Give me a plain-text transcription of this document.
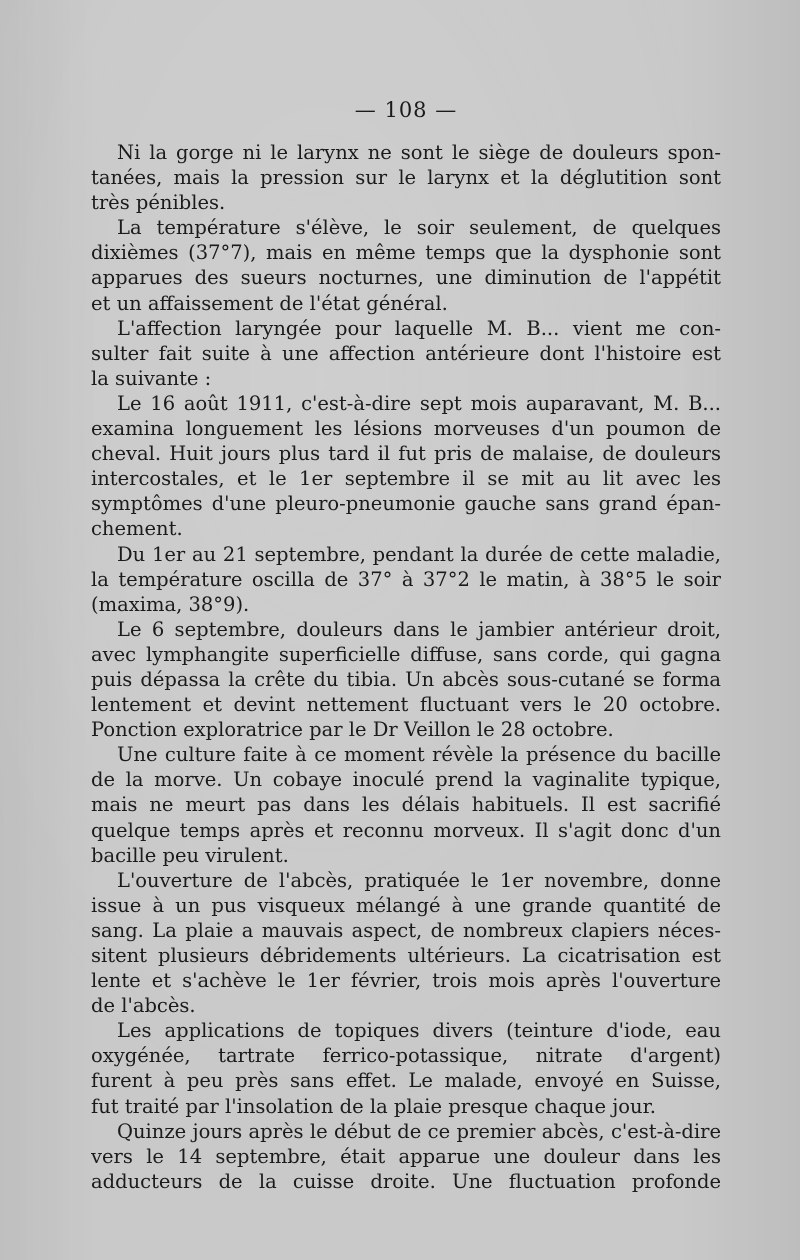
— 108 —
Ni la gorge ni le larynx ne sont le siège de douleurs spon-
tanées, mais la pression sur le larynx et la déglutition sont
très pénibles.
La température s'élève, le soir seulement, de quelques
dixièmes (37°7), mais en même temps que la dysphonie sont
apparues des sueurs nocturnes, une diminution de l'appétit
et un affaissement de l'état général.
L'affection laryngée pour laquelle M. B... vient me con-
sulter fait suite à une affection antérieure dont l'histoire est
la suivante :
Le 16 août 1911, c'est-à-dire sept mois auparavant, M. B...
examina longuement les lésions morveuses d'un poumon de
cheval. Huit jours plus tard il fut pris de malaise, de douleurs
intercostales, et le 1er septembre il se mit au lit avec les
symptômes d'une pleuro-pneumonie gauche sans grand épan-
chement.
Du 1er au 21 septembre, pendant la durée de cette maladie,
la température oscilla de 37° à 37°2 le matin, à 38°5 le soir
(maxima, 38°9).
Le 6 septembre, douleurs dans le jambier antérieur droit,
avec lymphangite superficielle diffuse, sans corde, qui gagna
puis dépassa la crête du tibia. Un abcès sous-cutané se forma
lentement et devint nettement fluctuant vers le 20 octobre.
Ponction exploratrice par le Dr Veillon le 28 octobre.
Une culture faite à ce moment révèle la présence du bacille
de la morve. Un cobaye inoculé prend la vaginalite typique,
mais ne meurt pas dans les délais habituels. Il est sacrifié
quelque temps après et reconnu morveux. Il s'agit donc d'un
bacille peu virulent.
L'ouverture de l'abcès, pratiquée le 1er novembre, donne
issue à un pus visqueux mélangé à une grande quantité de
sang. La plaie a mauvais aspect, de nombreux clapiers néces-
sitent plusieurs débridements ultérieurs. La cicatrisation est
lente et s'achève le 1er février, trois mois après l'ouverture
de l'abcès.
Les applications de topiques divers (teinture d'iode, eau
oxygénée, tartrate ferrico-potassique, nitrate d'argent)
furent à peu près sans effet. Le malade, envoyé en Suisse,
fut traité par l'insolation de la plaie presque chaque jour.
Quinze jours après le début de ce premier abcès, c'est-à-dire
vers le 14 septembre, était apparue une douleur dans les
adducteurs de la cuisse droite. Une fluctuation profonde
